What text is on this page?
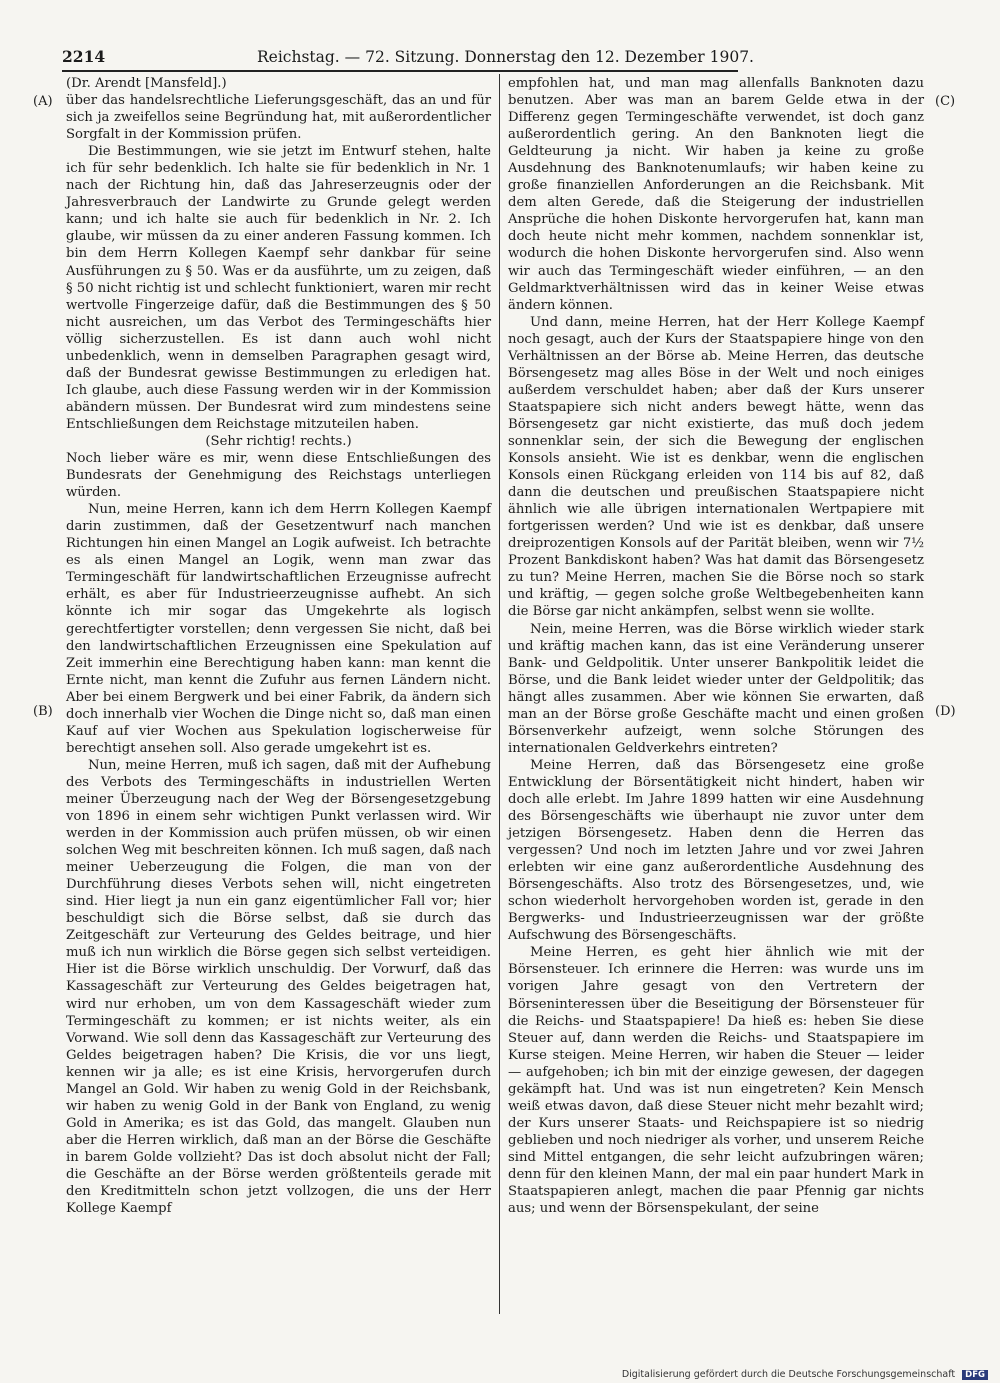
2214	Reichstag. — 72. Sitzung. Donnerstag den 12. Dezember 1907.
(A)
(B)
(C)
(D)

(Dr. Arendt [Mansfeld].)

über das handelsrechtliche Lieferungsgeschäft, das an und für sich ja zweifellos seine Begründung hat, mit außerordentlicher Sorgfalt in der Kommission prüfen.

Die Bestimmungen, wie sie jetzt im Entwurf stehen, halte ich für sehr bedenklich. Ich halte sie für bedenklich in Nr. 1 nach der Richtung hin, daß das Jahreserzeugnis oder der Jahresverbrauch der Landwirte zu Grunde gelegt werden kann; und ich halte sie auch für bedenklich in Nr. 2. Ich glaube, wir müssen da zu einer anderen Fassung kommen. Ich bin dem Herrn Kollegen Kaempf sehr dankbar für seine Ausführungen zu § 50. Was er da ausführte, um zu zeigen, daß § 50 nicht richtig ist und schlecht funktioniert, waren mir recht wertvolle Fingerzeige dafür, daß die Bestimmungen des § 50 nicht ausreichen, um das Verbot des Termingeschäfts hier völlig sicherzustellen. Es ist dann auch wohl nicht unbedenklich, wenn in demselben Paragraphen gesagt wird, daß der Bundesrat gewisse Bestimmungen zu erledigen hat. Ich glaube, auch diese Fassung werden wir in der Kommission abändern müssen. Der Bundesrat wird zum mindestens seine Entschließungen dem Reichstage mitzuteilen haben.

(Sehr richtig! rechts.)

Noch lieber wäre es mir, wenn diese Entschließungen des Bundesrats der Genehmigung des Reichstags unterliegen würden.

Nun, meine Herren, kann ich dem Herrn Kollegen Kaempf darin zustimmen, daß der Gesetzentwurf nach manchen Richtungen hin einen Mangel an Logik aufweist. Ich betrachte es als einen Mangel an Logik, wenn man zwar das Termingeschäft für landwirtschaftlichen Erzeugnisse aufrecht erhält, es aber für Industrieerzeugnisse aufhebt. An sich könnte ich mir sogar das Umgekehrte als logisch gerechtfertigter vorstellen; denn vergessen Sie nicht, daß bei den landwirtschaftlichen Erzeugnissen eine Spekulation auf Zeit immerhin eine Berechtigung haben kann: man kennt die Ernte nicht, man kennt die Zufuhr aus fernen Ländern nicht. Aber bei einem Bergwerk und bei einer Fabrik, da ändern sich doch innerhalb vier Wochen die Dinge nicht so, daß man einen Kauf auf vier Wochen aus Spekulation logischerweise für berechtigt ansehen soll. Also gerade umgekehrt ist es.

Nun, meine Herren, muß ich sagen, daß mit der Aufhebung des Verbots des Termingeschäfts in industriellen Werten meiner Überzeugung nach der Weg der Börsengesetzgebung von 1896 in einem sehr wichtigen Punkt verlassen wird. Wir werden in der Kommission auch prüfen müssen, ob wir einen solchen Weg mit beschreiten können. Ich muß sagen, daß nach meiner Ueberzeugung die Folgen, die man von der Durchführung dieses Verbots sehen will, nicht eingetreten sind. Hier liegt ja nun ein ganz eigentümlicher Fall vor; hier beschuldigt sich die Börse selbst, daß sie durch das Zeitgeschäft zur Verteurung des Geldes beitrage, und hier muß ich nun wirklich die Börse gegen sich selbst verteidigen. Hier ist die Börse wirklich unschuldig. Der Vorwurf, daß das Kassageschäft zur Verteurung des Geldes beigetragen hat, wird nur erhoben, um von dem Kassageschäft wieder zum Termingeschäft zu kommen; er ist nichts weiter, als ein Vorwand. Wie soll denn das Kassageschäft zur Verteurung des Geldes beigetragen haben? Die Krisis, die vor uns liegt, kennen wir ja alle; es ist eine Krisis, hervorgerufen durch Mangel an Gold. Wir haben zu wenig Gold in der Reichsbank, wir haben zu wenig Gold in der Bank von England, zu wenig Gold in Amerika; es ist das Gold, das mangelt. Glauben nun aber die Herren wirklich, daß man an der Börse die Geschäfte in barem Golde vollzieht? Das ist doch absolut nicht der Fall; die Geschäfte an der Börse werden größtenteils gerade mit den Kreditmitteln schon jetzt vollzogen, die uns der Herr Kollege Kaempf

empfohlen hat, und man mag allenfalls Banknoten dazu benutzen. Aber was man an barem Gelde etwa in der Differenz gegen Termingeschäfte verwendet, ist doch ganz außerordentlich gering. An den Banknoten liegt die Geldteurung ja nicht. Wir haben ja keine zu große Ausdehnung des Banknotenumlaufs; wir haben keine zu große finanziellen Anforderungen an die Reichsbank. Mit dem alten Gerede, daß die Steigerung der industriellen Ansprüche die hohen Diskonte hervorgerufen hat, kann man doch heute nicht mehr kommen, nachdem sonnenklar ist, wodurch die hohen Diskonte hervorgerufen sind. Also wenn wir auch das Termingeschäft wieder einführen, — an den Geldmarktverhältnissen wird das in keiner Weise etwas ändern können.

Und dann, meine Herren, hat der Herr Kollege Kaempf noch gesagt, auch der Kurs der Staatspapiere hinge von den Verhältnissen an der Börse ab. Meine Herren, das deutsche Börsengesetz mag alles Böse in der Welt und noch einiges außerdem verschuldet haben; aber daß der Kurs unserer Staatspapiere sich nicht anders bewegt hätte, wenn das Börsengesetz gar nicht existierte, das muß doch jedem sonnenklar sein, der sich die Bewegung der englischen Konsols ansieht. Wie ist es denkbar, wenn die englischen Konsols einen Rückgang erleiden von 114 bis auf 82, daß dann die deutschen und preußischen Staatspapiere nicht ähnlich wie alle übrigen internationalen Wertpapiere mit fortgerissen werden? Und wie ist es denkbar, daß unsere dreiprozentigen Konsols auf der Parität bleiben, wenn wir 7½ Prozent Bankdiskont haben? Was hat damit das Börsengesetz zu tun? Meine Herren, machen Sie die Börse noch so stark und kräftig, — gegen solche große Weltbegebenheiten kann die Börse gar nicht ankämpfen, selbst wenn sie wollte.

Nein, meine Herren, was die Börse wirklich wieder stark und kräftig machen kann, das ist eine Veränderung unserer Bank- und Geldpolitik. Unter unserer Bankpolitik leidet die Börse, und die Bank leidet wieder unter der Geldpolitik; das hängt alles zusammen. Aber wie können Sie erwarten, daß man an der Börse große Geschäfte macht und einen großen Börsenverkehr aufzeigt, wenn solche Störungen des internationalen Geldverkehrs eintreten?

Meine Herren, daß das Börsengesetz eine große Entwicklung der Börsentätigkeit nicht hindert, haben wir doch alle erlebt. Im Jahre 1899 hatten wir eine Ausdehnung des Börsengeschäfts wie überhaupt nie zuvor unter dem jetzigen Börsengesetz. Haben denn die Herren das vergessen? Und noch im letzten Jahre und vor zwei Jahren erlebten wir eine ganz außerordentliche Ausdehnung des Börsengeschäfts. Also trotz des Börsengesetzes, und, wie schon wiederholt hervorgehoben worden ist, gerade in den Bergwerks- und Industrieerzeugnissen war der größte Aufschwung des Börsengeschäfts.

Meine Herren, es geht hier ähnlich wie mit der Börsensteuer. Ich erinnere die Herren: was wurde uns im vorigen Jahre gesagt von den Vertretern der Börseninteressen über die Beseitigung der Börsensteuer für die Reichs- und Staatspapiere! Da hieß es: heben Sie diese Steuer auf, dann werden die Reichs- und Staatspapiere im Kurse steigen. Meine Herren, wir haben die Steuer — leider — aufgehoben; ich bin mit der einzige gewesen, der dagegen gekämpft hat. Und was ist nun eingetreten? Kein Mensch weiß etwas davon, daß diese Steuer nicht mehr bezahlt wird; der Kurs unserer Staats- und Reichspapiere ist so niedrig geblieben und noch niedriger als vorher, und unserem Reiche sind Mittel entgangen, die sehr leicht aufzubringen wären; denn für den kleinen Mann, der mal ein paar hundert Mark in Staatspapieren anlegt, machen die paar Pfennig gar nichts aus; und wenn der Börsenspekulant, der seine

Digitalisierung gefördert durch die Deutsche Forschungsgemeinschaft DFG
